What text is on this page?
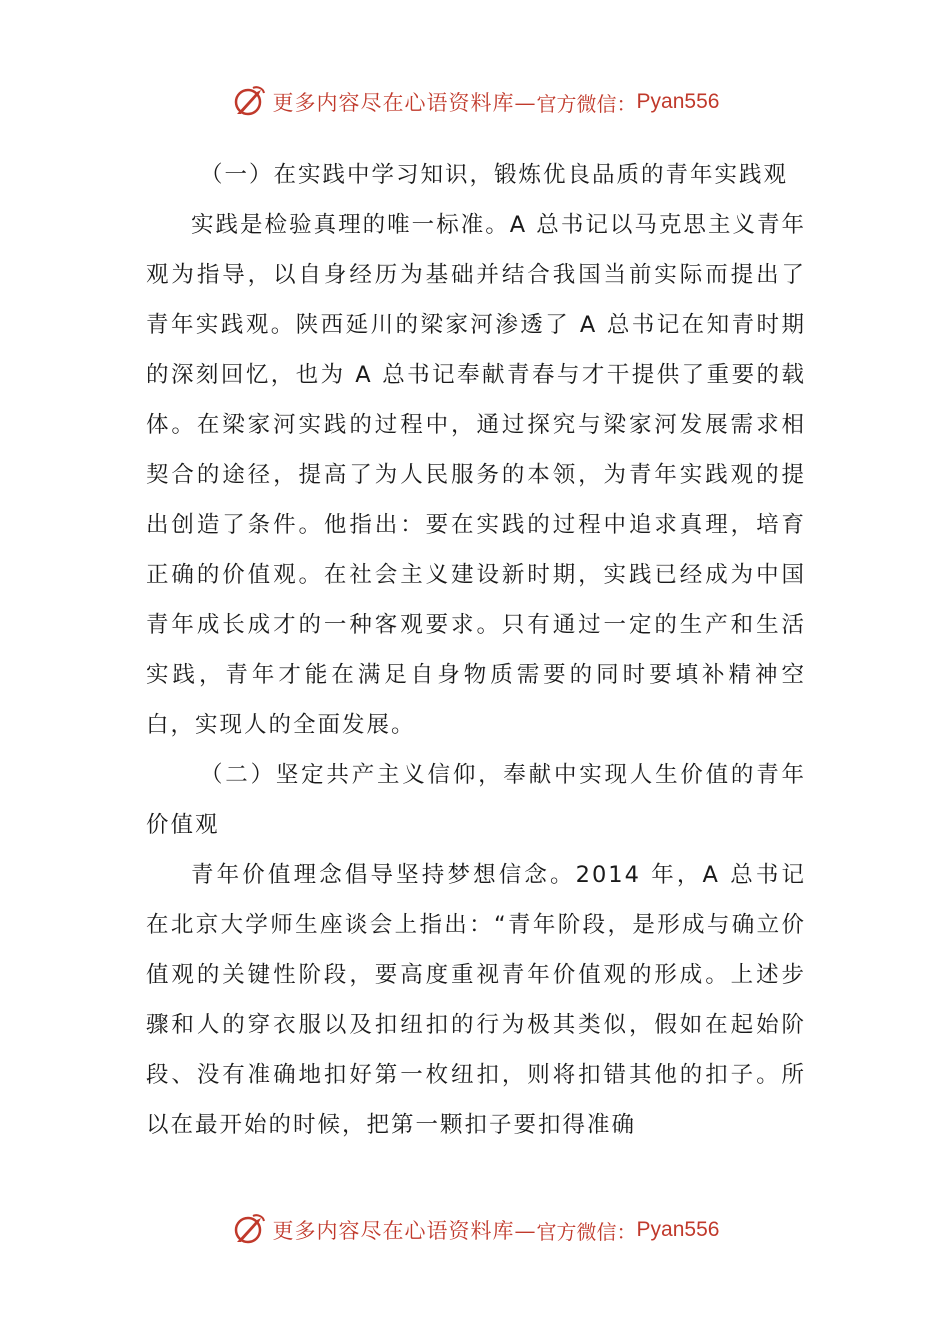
更多内容尽在心语资料库— 官方微信： Pyan556

（一）在实践中学习知识，锻炼优良品质的青年实践观

实践是检验真理的唯一标准。A 总书记以马克思主义青年观为指导，以自身经历为基础并结合我国当前实际而提出了青年实践观。陕西延川的梁家河渗透了 A 总书记在知青时期的深刻回忆，也为 A 总书记奉献青春与才干提供了重要的载体。在梁家河实践的过程中，通过探究与梁家河发展需求相契合的途径，提高了为人民服务的本领，为青年实践观的提出创造了条件。他指出：要在实践的过程中追求真理，培育正确的价值观。在社会主义建设新时期，实践已经成为中国青年成长成才的一种客观要求。只有通过一定的生产和生活实践，青年才能在满足自身物质需要的同时要填补精神空白，实现人的全面发展。

（二）坚定共产主义信仰，奉献中实现人生价值的青年价值观

青年价值理念倡导坚持梦想信念。2014 年，A 总书记在北京大学师生座谈会上指出：“青年阶段，是形成与确立价值观的关键性阶段，要高度重视青年价值观的形成。上述步骤和人的穿衣服以及扣纽扣的行为极其类似，假如在起始阶段、没有准确地扣好第一枚纽扣，则将扣错其他的扣子。所以在最开始的时候，把第一颗扣子要扣得准确

更多内容尽在心语资料库— 官方微信： Pyan556
